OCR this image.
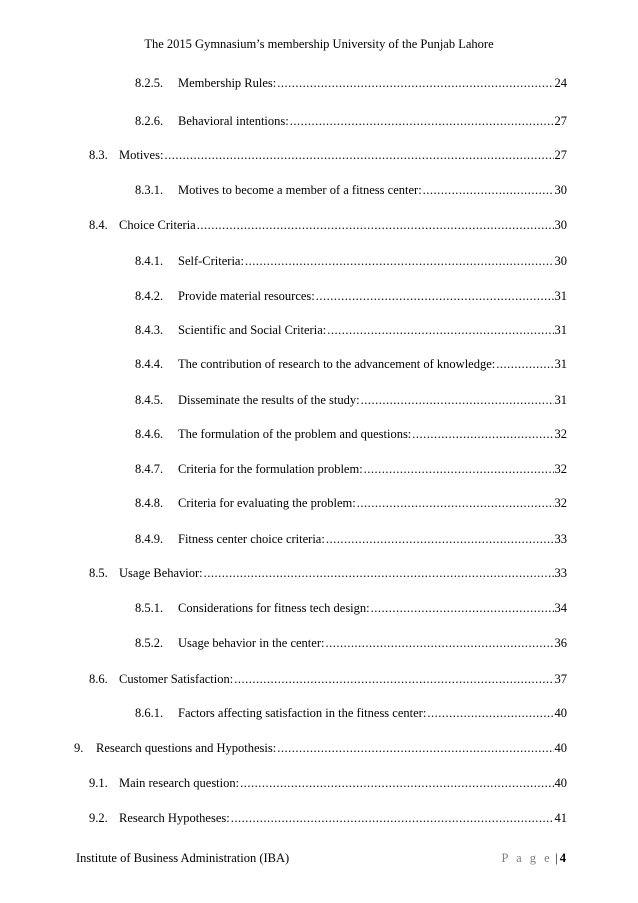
The 2015 Gymnasium’s membership University of the Punjab Lahore
8.2.5.	Membership Rules: .....	24
8.2.6.	Behavioral intentions: .....	27
8.3. Motives: .....	27
8.3.1.	Motives to become a member of a fitness center: .....	30
8.4. Choice Criteria .....	30
8.4.1.	Self-Criteria: .....	30
8.4.2.	Provide material resources: .....	31
8.4.3.	Scientific and Social Criteria: .....	31
8.4.4.	The contribution of research to the advancement of knowledge: .....	31
8.4.5.	Disseminate the results of the study: .....	31
8.4.6.	The formulation of the problem and questions: .....	32
8.4.7.	Criteria for the formulation problem: .....	32
8.4.8.	Criteria for evaluating the problem: .....	32
8.4.9.	Fitness center choice criteria: .....	33
8.5. Usage Behavior: .....	33
8.5.1.	Considerations for fitness tech design: .....	34
8.5.2.	Usage behavior in the center: .....	36
8.6. Customer Satisfaction: .....	37
8.6.1.	Factors affecting satisfaction in the fitness center: .....	40
9.	Research questions and Hypothesis: .....	40
9.1. Main research question: .....	40
9.2. Research Hypotheses: .....	41
Institute of Business Administration (IBA)	P a g e | 4
